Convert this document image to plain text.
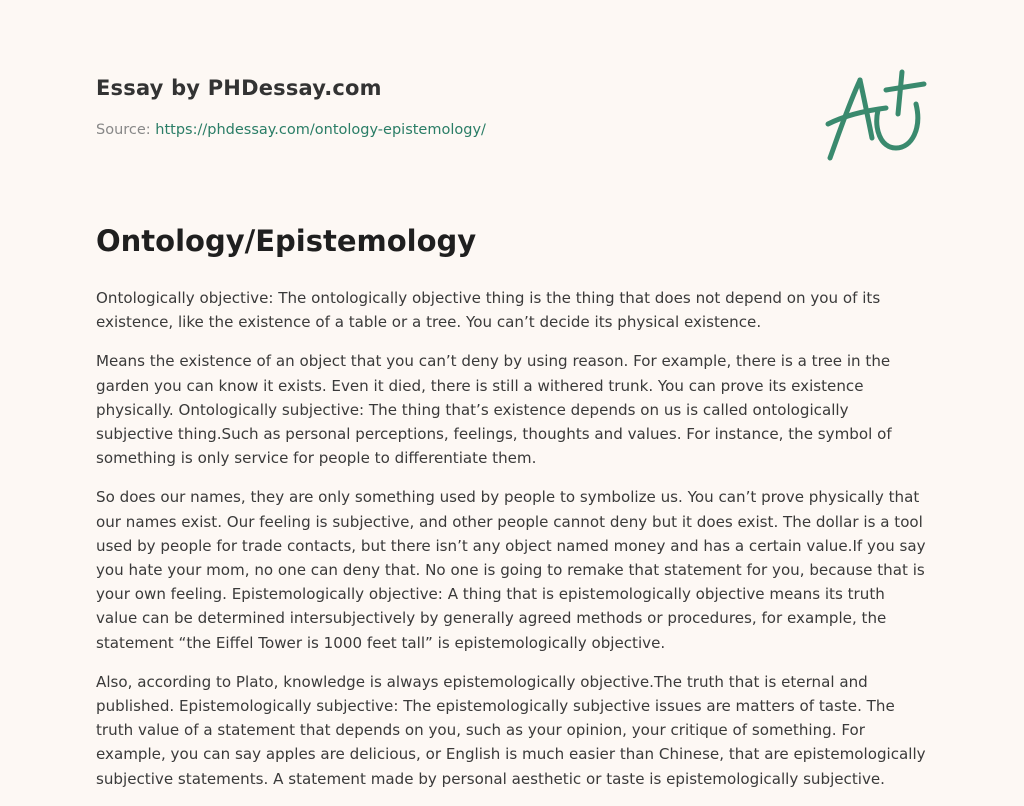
Essay by PHDessay.com
Source: https://phdessay.com/ontology-epistemology/
Ontology/Epistemology

Ontologically objective: The ontologically objective thing is the thing that does not depend on you of its existence, like the existence of a table or a tree. You can’t decide its physical existence.

Means the existence of an object that you can’t deny by using reason. For example, there is a tree in the garden you can know it exists. Even it died, there is still a withered trunk. You can prove its existence physically. Ontologically subjective: The thing that’s existence depends on us is called ontologically subjective thing.Such as personal perceptions, feelings, thoughts and values. For instance, the symbol of something is only service for people to differentiate them.

So does our names, they are only something used by people to symbolize us. You can’t prove physically that our names exist. Our feeling is subjective, and other people cannot deny but it does exist. The dollar is a tool used by people for trade contacts, but there isn’t any object named money and has a certain value.If you say you hate your mom, no one can deny that. No one is going to remake that statement for you, because that is your own feeling. Epistemologically objective: A thing that is epistemologically objective means its truth value can be determined intersubjectively by generally agreed methods or procedures, for example, the statement “the Eiffel Tower is 1000 feet tall” is epistemologically objective.

Also, according to Plato, knowledge is always epistemologically objective.The truth that is eternal and published. Epistemologically subjective: The epistemologically subjective issues are matters of taste. The truth value of a statement that depends on you, such as your opinion, your critique of something. For example, you can say apples are delicious, or English is much easier than Chinese, that are epistemologically subjective statements. A statement made by personal aesthetic or taste is epistemologically subjective.
